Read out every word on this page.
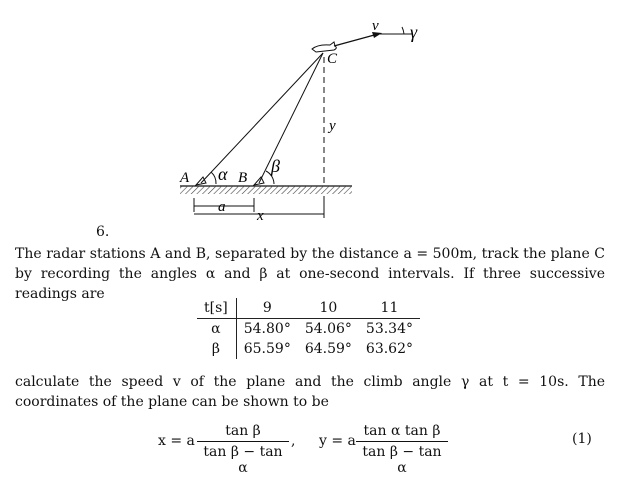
A α B
β
C
v γ
y
a
x
6.
The radar stations A and B, separated by the distance a = 500m, track the plane C by recording the angles α and β at one-second intervals. If three successive readings are
t[s]	9	10	11
α	54.80°	54.06°	53.34°
β	65.59°	64.59°	63.62°
calculate the speed v of the plane and the climb angle γ at t = 10s. The coordinates of the plane can be shown to be
x = a $\frac{\text{tan β}}{\text{tan β − tan α}}$ , y = a $\frac{\text{tan α tan β}}{\text{tan β − tan α}}$	(1)
